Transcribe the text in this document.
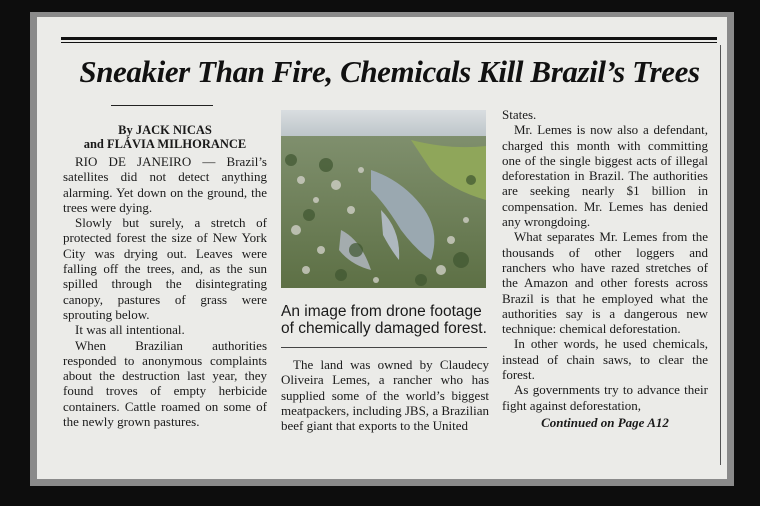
Sneakier Than Fire, Chemicals Kill Brazil’s Trees

By JACK NICAS
and FLÁVIA MILHORANCE

RIO DE JANEIRO — Brazil’s satellites did not detect anything alarming. Yet down on the ground, the trees were dying.

Slowly but surely, a stretch of protected forest the size of New York City was drying out. Leaves were falling off the trees, and, as the sun spilled through the disintegrating canopy, pastures of grass were sprouting below.

It was all intentional.

When Brazilian authorities responded to anonymous complaints about the destruction last year, they found troves of empty herbicide containers. Cattle roamed on some of the newly grown pastures.

An image from drone footage of chemically damaged forest.

The land was owned by Claudecy Oliveira Lemes, a rancher who has supplied some of the world’s biggest meatpackers, including JBS, a Brazilian beef giant that exports to the United

States.

Mr. Lemes is now also a defendant, charged this month with committing one of the single biggest acts of illegal deforestation in Brazil. The authorities are seeking nearly $1 billion in compensation. Mr. Lemes has denied any wrongdoing.

What separates Mr. Lemes from the thousands of other loggers and ranchers who have razed stretches of the Amazon and other forests across Brazil is that he employed what the authorities say is a dangerous new technique: chemical deforestation.

In other words, he used chemicals, instead of chain saws, to clear the forest.

As governments try to advance their fight against deforestation,

Continued on Page A12
